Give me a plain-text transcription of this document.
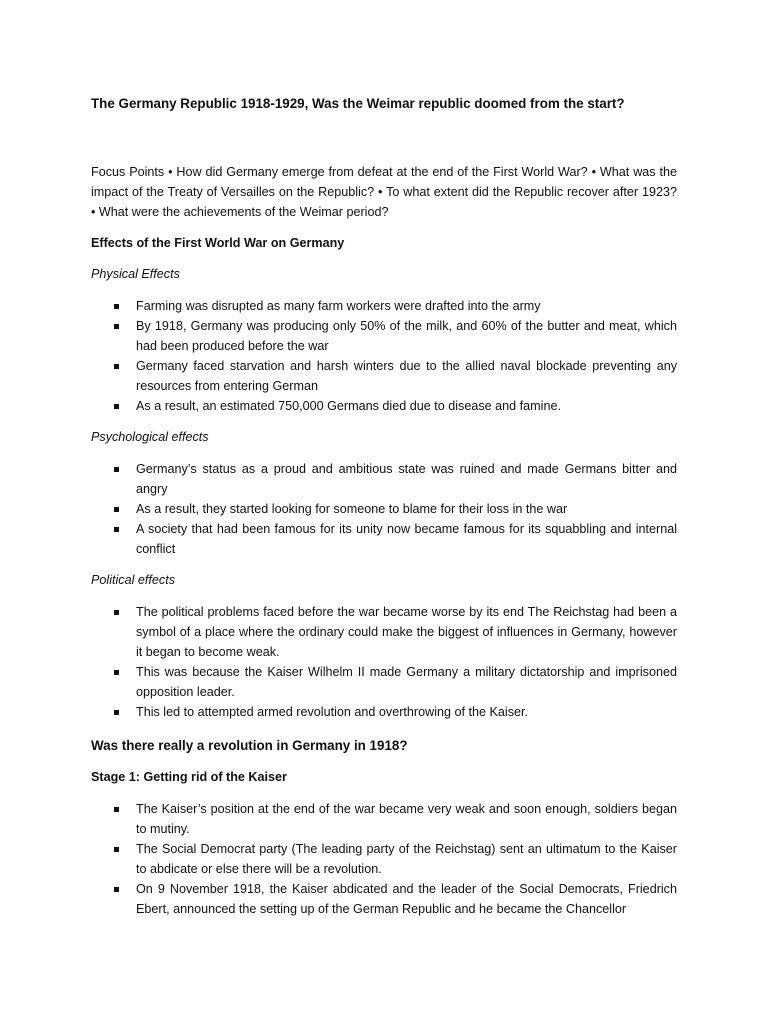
The Germany Republic 1918-1929, Was the Weimar republic doomed from the start?

Focus Points • How did Germany emerge from defeat at the end of the First World War? • What was the impact of the Treaty of Versailles on the Republic? • To what extent did the Republic recover after 1923? • What were the achievements of the Weimar period?

Effects of the First World War on Germany
Physical Effects
Farming was disrupted as many farm workers were drafted into the army
By 1918, Germany was producing only 50% of the milk, and 60% of the butter and meat, which had been produced before the war
Germany faced starvation and harsh winters due to the allied naval blockade preventing any resources from entering German
As a result, an estimated 750,000 Germans died due to disease and famine.
Psychological effects
Germany’s status as a proud and ambitious state was ruined and made Germans bitter and angry
As a result, they started looking for someone to blame for their loss in the war
A society that had been famous for its unity now became famous for its squabbling and internal conflict
Political effects
The political problems faced before the war became worse by its end The Reichstag had been a symbol of a place where the ordinary could make the biggest of influences in Germany, however it began to become weak.
This was because the Kaiser Wilhelm II made Germany a military dictatorship and imprisoned opposition leader.
This led to attempted armed revolution and overthrowing of the Kaiser.
Was there really a revolution in Germany in 1918?
Stage 1: Getting rid of the Kaiser
The Kaiser’s position at the end of the war became very weak and soon enough, soldiers began to mutiny.
The Social Democrat party (The leading party of the Reichstag) sent an ultimatum to the Kaiser to abdicate or else there will be a revolution.
On 9 November 1918, the Kaiser abdicated and the leader of the Social Democrats, Friedrich Ebert, announced the setting up of the German Republic and he became the Chancellor
